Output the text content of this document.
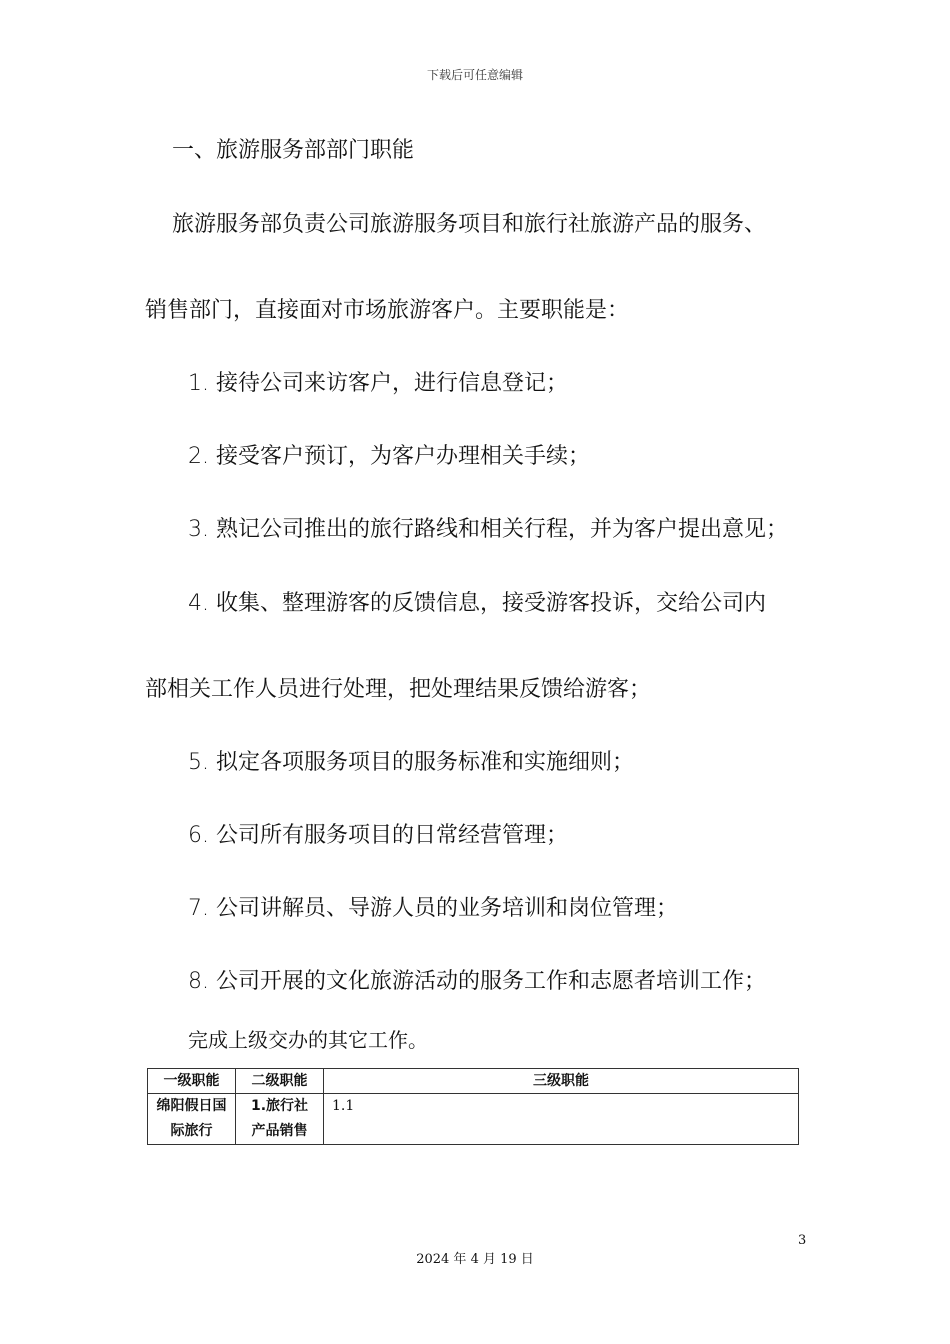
下载后可任意编辑
一、旅游服务部部门职能
旅游服务部负责公司旅游服务项目和旅行社旅游产品的服务、
销售部门，直接面对市场旅游客户。主要职能是：
1. 接待公司来访客户，进行信息登记；
2. 接受客户预订，为客户办理相关手续；
3. 熟记公司推出的旅行路线和相关行程，并为客户提出意见；
4. 收集、整理游客的反馈信息，接受游客投诉，交给公司内
部相关工作人员进行处理，把处理结果反馈给游客；
5. 拟定各项服务项目的服务标准和实施细则；
6. 公司所有服务项目的日常经营管理；
7. 公司讲解员、导游人员的业务培训和岗位管理；
8. 公司开展的文化旅游活动的服务工作和志愿者培训工作；
完成上级交办的其它工作。
一级职能	二级职能	三级职能
绵阳假日国际旅行	1.旅行社产品销售	1.1
3
2024 年 4 月 19 日
